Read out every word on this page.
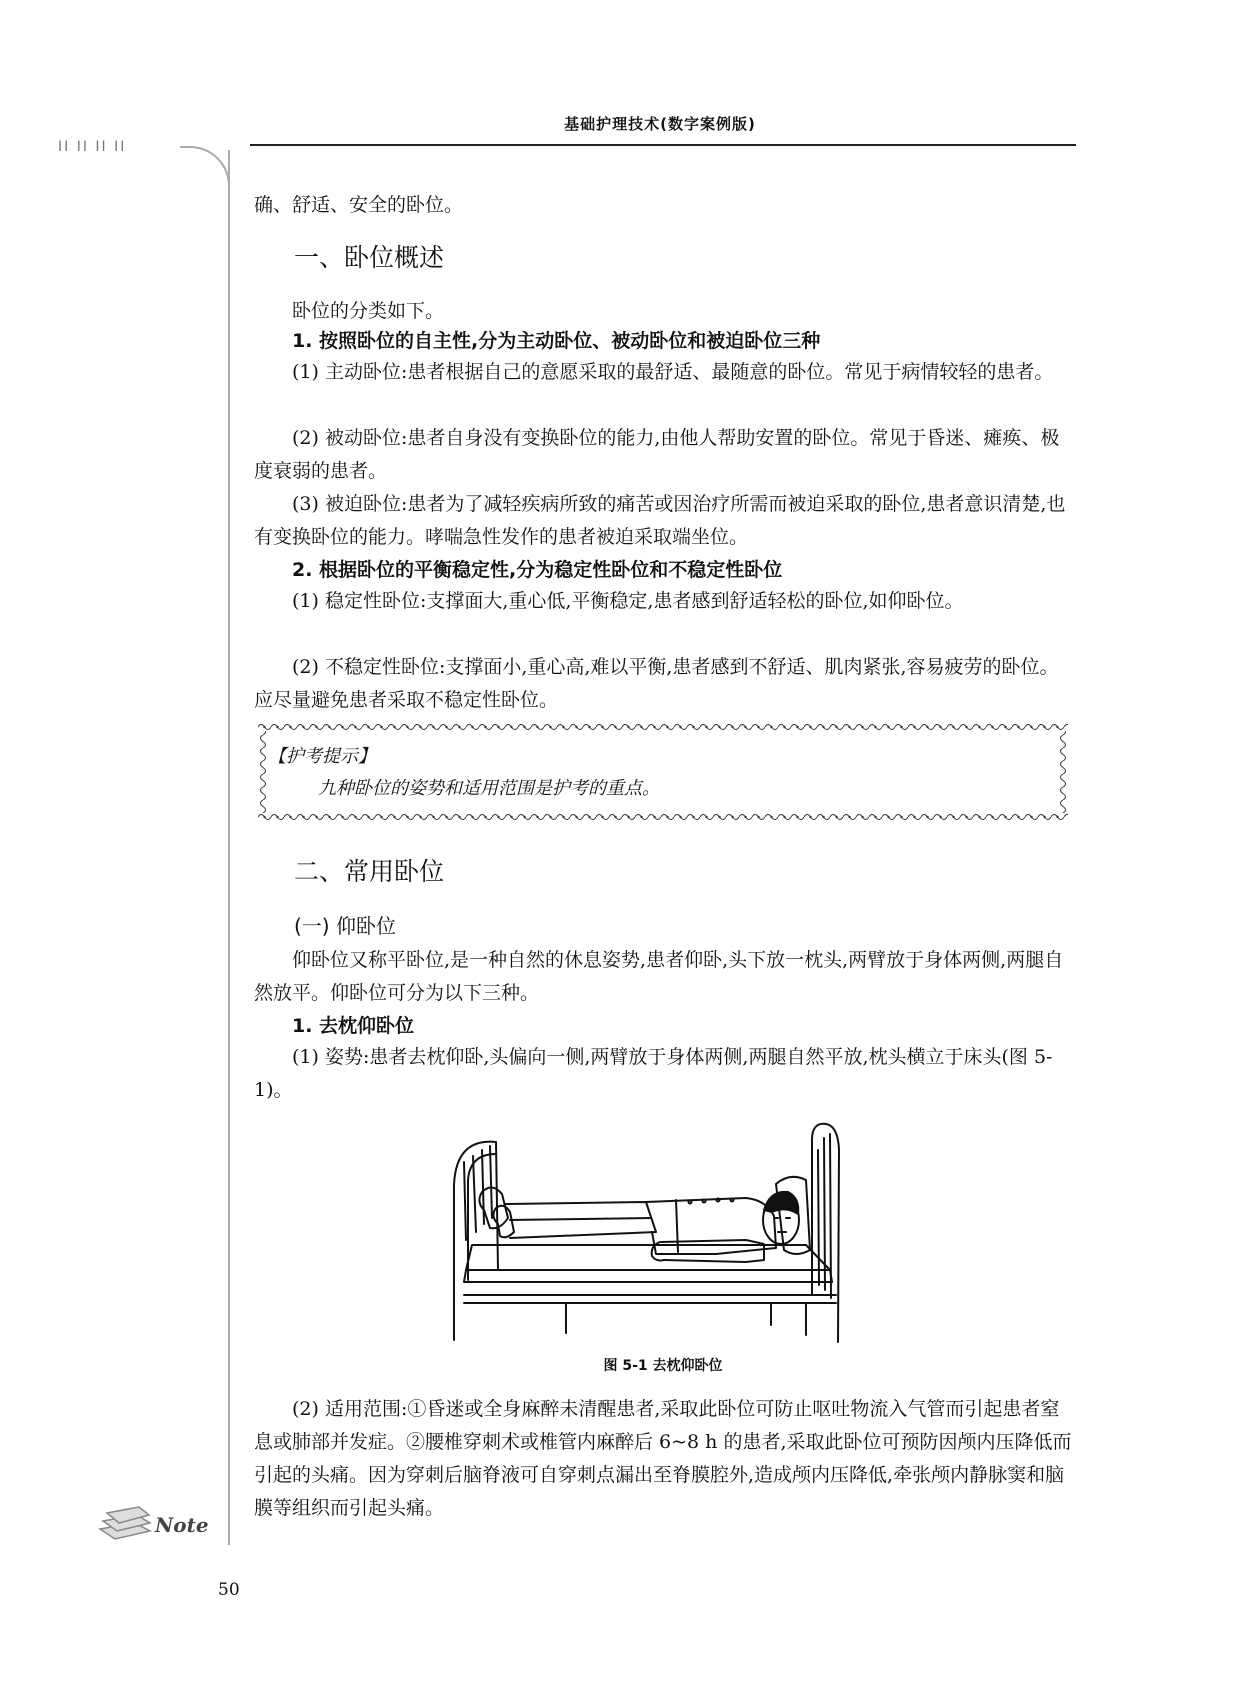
II II II II
基础护理技术(数字案例版)

确、舒适、安全的卧位。

一、卧位概述

卧位的分类如下。

1. 按照卧位的自主性,分为主动卧位、被动卧位和被迫卧位三种

(1) 主动卧位:患者根据自己的意愿采取的最舒适、最随意的卧位。常见于病情较轻的患者。

(2) 被动卧位:患者自身没有变换卧位的能力,由他人帮助安置的卧位。常见于昏迷、瘫痪、极度衰弱的患者。

(3) 被迫卧位:患者为了减轻疾病所致的痛苦或因治疗所需而被迫采取的卧位,患者意识清楚,也有变换卧位的能力。哮喘急性发作的患者被迫采取端坐位。

2. 根据卧位的平衡稳定性,分为稳定性卧位和不稳定性卧位

(1) 稳定性卧位:支撑面大,重心低,平衡稳定,患者感到舒适轻松的卧位,如仰卧位。

(2) 不稳定性卧位:支撑面小,重心高,难以平衡,患者感到不舒适、肌肉紧张,容易疲劳的卧位。应尽量避免患者采取不稳定性卧位。

【护考提示】
九种卧位的姿势和适用范围是护考的重点。
二、常用卧位
(一) 仰卧位

仰卧位又称平卧位,是一种自然的休息姿势,患者仰卧,头下放一枕头,两臂放于身体两侧,两腿自然放平。仰卧位可分为以下三种。

1. 去枕仰卧位

(1) 姿势:患者去枕仰卧,头偏向一侧,两臂放于身体两侧,两腿自然平放,枕头横立于床头(图 5-1)。

图 5-1 去枕仰卧位

(2) 适用范围:①昏迷或全身麻醉未清醒患者,采取此卧位可防止呕吐物流入气管而引起患者窒息或肺部并发症。②腰椎穿刺术或椎管内麻醉后 6~8 h 的患者,采取此卧位可预防因颅内压降低而引起的头痛。因为穿刺后脑脊液可自穿刺点漏出至脊膜腔外,造成颅内压降低,牵张颅内静脉窦和脑膜等组织而引起头痛。

Note
50
